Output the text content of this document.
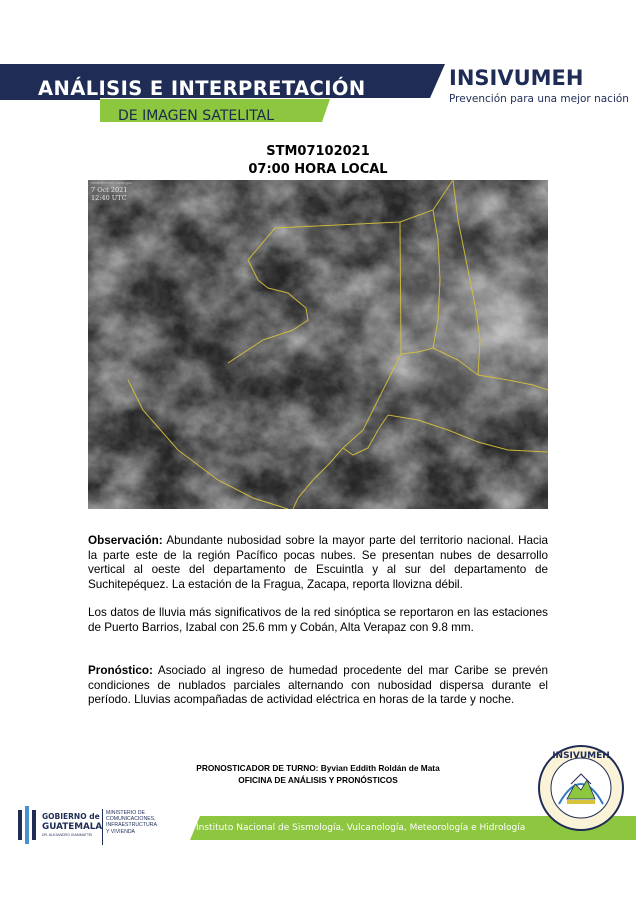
ANÁLISIS E INTERPRETACIÓN
DE IMAGEN SATELITAL
INSIVUMEH
Prevención para una mejor nación
STM07102021
07:00 HORA LOCAL
weather.msfc.nasa.gov
7 Oct 2021
12:40 UTC
Observación: Abundante nubosidad sobre la mayor parte del territorio nacional. Hacia la parte este de la región Pacífico pocas nubes. Se presentan nubes de desarrollo vertical al oeste del departamento de Escuintla y al sur del departamento de Suchitepéquez. La estación de la Fragua, Zacapa, reporta llovizna débil.
Los datos de lluvia más significativos de la red sinóptica se reportaron en las estaciones de Puerto Barrios, Izabal con 25.6 mm y Cobán, Alta Verapaz con 9.8 mm.
Pronóstico: Asociado al ingreso de humedad procedente del mar Caribe se prevén condiciones de nublados parciales alternando con nubosidad dispersa durante el período. Lluvias acompañadas de actividad eléctrica en horas de la tarde y noche.
PRONOSTICADOR DE TURNO: Byvian Eddith Roldán de Mata
OFICINA DE ANÁLISIS Y PRONÓSTICOS
Instituto Nacional de Sismología, Vulcanología, Meteorología e Hidrología
GOBIERNO de
GUATEMALA
DR. ALEJANDRO GIAMMATTEI
MINISTERIO DE COMUNICACIONES, INFRAESTRUCTURA Y VIVIENDA
INSIVUMEH
